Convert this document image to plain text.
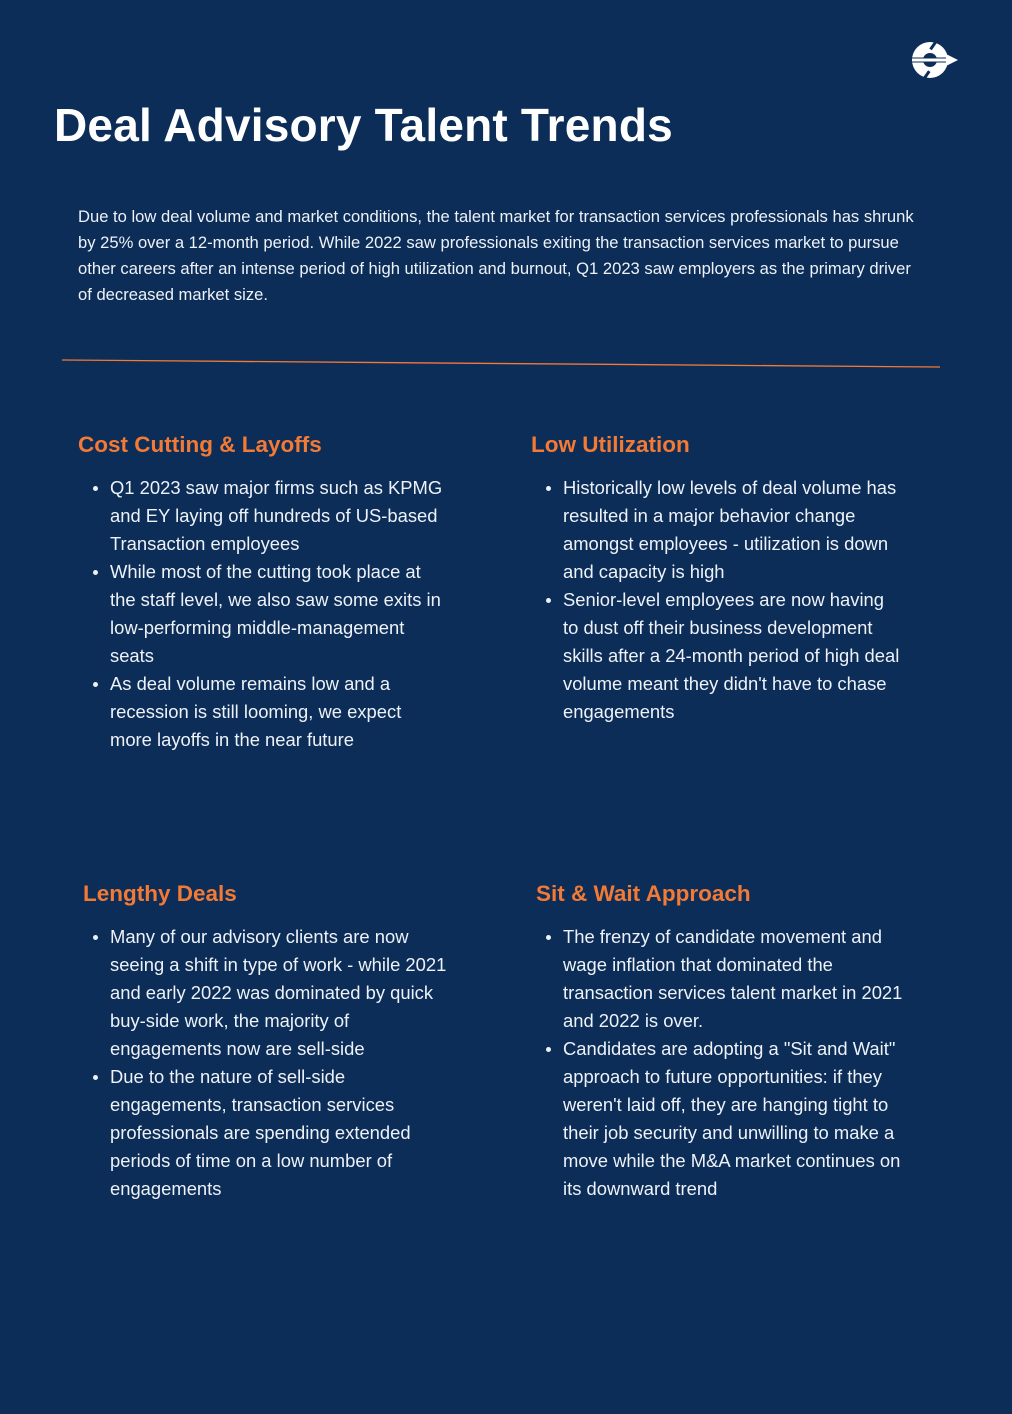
Deal Advisory Talent Trends

Due to low deal volume and market conditions, the talent market for transaction services professionals has shrunk by 25% over a 12-month period. While 2022 saw professionals exiting the transaction services market to pursue other careers after an intense period of high utilization and burnout, Q1 2023 saw employers as the primary driver of decreased market size.

Cost Cutting & Layoffs
Q1 2023 saw major firms such as KPMG and EY laying off hundreds of US-based Transaction employees
While most of the cutting took place at the staff level, we also saw some exits in low-performing middle-management seats
As deal volume remains low and a recession is still looming, we expect more layoffs in the near future
Low Utilization
Historically low levels of deal volume has resulted in a major behavior change amongst employees - utilization is down and capacity is high
Senior-level employees are now having to dust off their business development skills after a 24-month period of high deal volume meant they didn't have to chase engagements
Lengthy Deals
Many of our advisory clients are now seeing a shift in type of work - while 2021 and early 2022 was dominated by quick buy-side work, the majority of engagements now are sell-side
Due to the nature of sell-side engagements, transaction services professionals are spending extended periods of time on a low number of engagements
Sit & Wait Approach
The frenzy of candidate movement and wage inflation that dominated the transaction services talent market in 2021 and 2022 is over.
Candidates are adopting a "Sit and Wait" approach to future opportunities: if they weren't laid off, they are hanging tight to their job security and unwilling to make a move while the M&A market continues on its downward trend
